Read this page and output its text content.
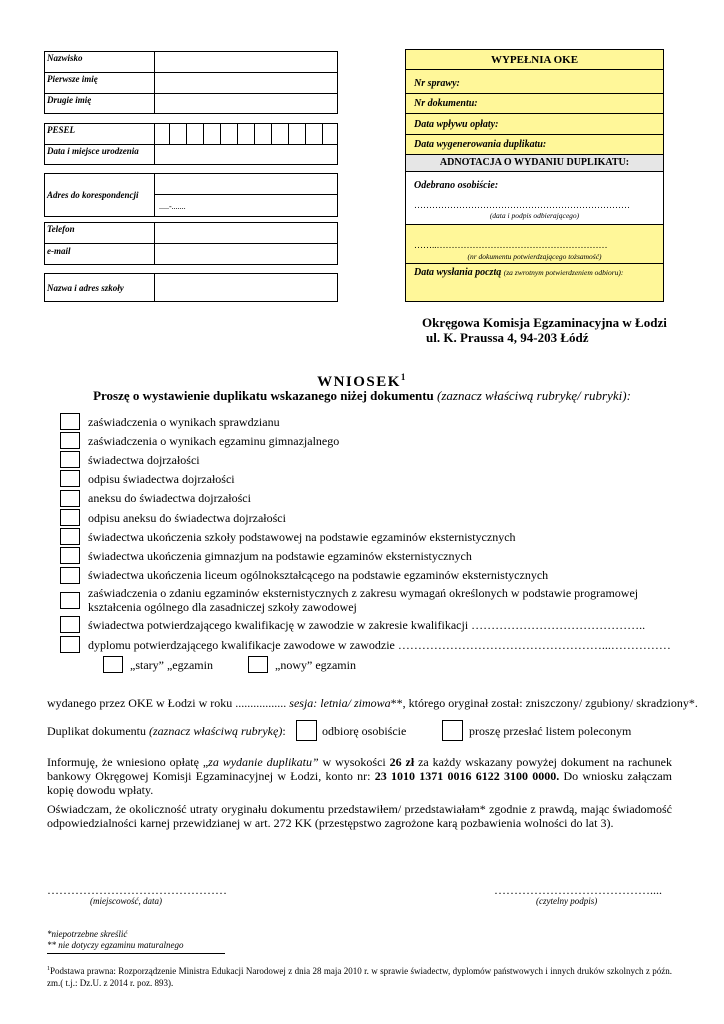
Nazwisko
Pierwsze imię
Drugie imię
PESEL
Data i miejsce urodzenia
Adres do korespondencji
.....-.......
Telefon
e-mail
Nazwa i adres szkoły
WYPEŁNIA OKE
Nr sprawy:
Nr dokumentu:
Data wpływu opłaty:
Data wygenerowania duplikatu:
ADNOTACJA O WYDANIU DUPLIKATU:
Odebrano osobiście:
………………………………………………………………
(data i podpis odbierającego)
……..…………………………………………………
(nr dokumentu potwierdzającego tożsamość)
Data wysłania pocztą (za zwrotnym potwierdzeniem odbioru):
Okręgowa Komisja Egzaminacyjna w Łodzi
ul. K. Praussa 4, 94-203 Łódź
WNIOSEK$^1$
Proszę o wystawienie duplikatu wskazanego niżej dokumentu (zaznacz właściwą rubrykę/ rubryki):
zaświadczenia o wynikach sprawdzianu
zaświadczenia o wynikach egzaminu gimnazjalnego
świadectwa dojrzałości
odpisu świadectwa dojrzałości
aneksu do świadectwa dojrzałości
odpisu aneksu do świadectwa dojrzałości
świadectwa ukończenia szkoły podstawowej na podstawie egzaminów eksternistycznych
świadectwa ukończenia gimnazjum na podstawie egzaminów eksternistycznych
świadectwa ukończenia liceum ogólnokształcącego na podstawie egzaminów eksternistycznych
zaświadczenia o zdaniu egzaminów eksternistycznych z zakresu wymagań określonych w podstawie programowej kształcenia ogólnego dla zasadniczej szkoły zawodowej
świadectwa potwierdzającego kwalifikację w zawodzie w zakresie kwalifikacji ……………………………………..
dyplomu potwierdzającego kwalifikacje zawodowe w zawodzie ……………………………………………...……………
„stary” „egzamin	„nowy” egzamin
wydanego przez OKE w Łodzi w roku ................. sesja: letnia/ zimowa**, którego oryginał został: zniszczony/ zgubiony/ skradziony*.
Duplikat dokumentu (zaznacz właściwą rubrykę):	odbiorę osobiście	proszę przesłać listem poleconym
Informuję, że wniesiono opłatę „za wydanie duplikatu” w wysokości 26 zł za każdy wskazany powyżej dokument na rachunek bankowy Okręgowej Komisji Egzaminacyjnej w Łodzi, konto nr: 23 1010 1371 0016 6122 3100 0000. Do wniosku załączam kopię dowodu wpłaty.
Oświadczam, że okoliczność utraty oryginału dokumentu przedstawiłem/ przedstawiałam* zgodnie z prawdą, mając świadomość odpowiedzialności karnej przewidzianej w art. 272 KK (przestępstwo zagrożone karą pozbawienia wolności do lat 3).
………………………………………
(miejscowość, data)
…………………………………....
(czytelny podpis)
*niepotrzebne skreślić
** nie dotyczy egzaminu maturalnego
$^1$Podstawa prawna: Rozporządzenie Ministra Edukacji Narodowej z dnia 28 maja 2010 r. w sprawie świadectw, dyplomów państwowych i innych druków szkolnych z późn. zm.( t.j.: Dz.U. z 2014 r. poz. 893).
